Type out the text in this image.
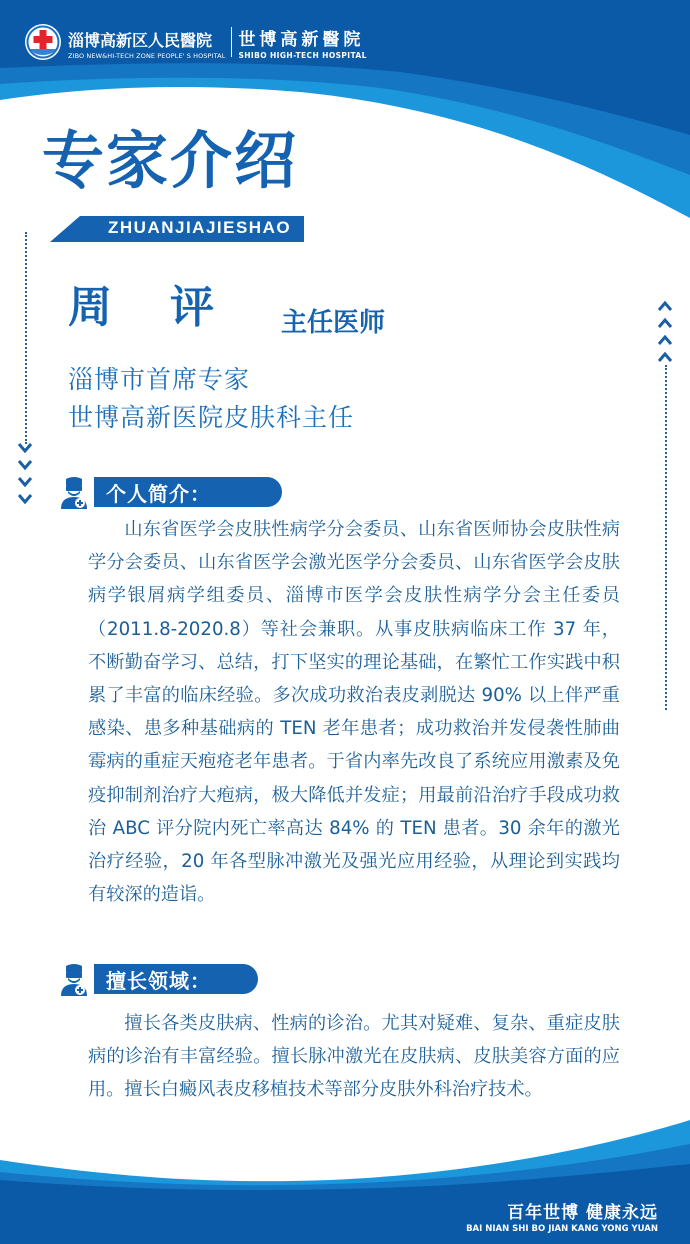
淄博高新区人民醫院
ZIBO NEW&HI-TECH ZONE PEOPLE' S HOSPITAL
世博高新醫院
SHIBO HIGH-TECH HOSPITAL
专家介绍
ZHUANJIAJIESHAO
周评 主任医师
淄博市首席专家
世博高新医院皮肤科主任
个人简介：

山东省医学会皮肤性病学分会委员、山东省医师协会皮肤性病学分会委员、山东省医学会激光医学分会委员、山东省医学会皮肤病学银屑病学组委员、淄博市医学会皮肤性病学分会主任委员（2011.8-2020.8）等社会兼职。从事皮肤病临床工作 37 年，不断勤奋学习、总结，打下坚实的理论基础，在繁忙工作实践中积累了丰富的临床经验。多次成功救治表皮剥脱达 90% 以上伴严重感染、患多种基础病的 TEN 老年患者；成功救治并发侵袭性肺曲霉病的重症天疱疮老年患者。于省内率先改良了系统应用激素及免疫抑制剂治疗大疱病，极大降低并发症；用最前沿治疗手段成功救治 ABC 评分院内死亡率高达 84% 的 TEN 患者。30 余年的激光治疗经验，20 年各型脉冲激光及强光应用经验，从理论到实践均有较深的造诣。

擅长领域：

擅长各类皮肤病、性病的诊治。尤其对疑难、复杂、重症皮肤病的诊治有丰富经验。擅长脉冲激光在皮肤病、皮肤美容方面的应用。擅长白癜风表皮移植技术等部分皮肤外科治疗技术。

百年世博 健康永远
BAI NIAN SHI BO JIAN KANG YONG YUAN
